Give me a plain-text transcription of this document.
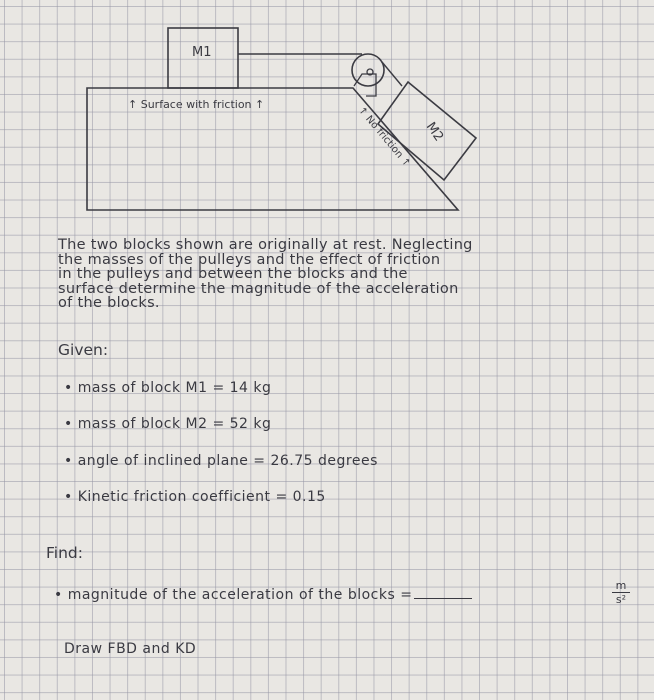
M1
M2
↑ Surface with friction ↑
↑ No friction ↑
The two blocks shown are originally at rest. Neglecting
the masses of the pulleys and the effect of friction
in the pulleys and between the blocks and the
surface determine the magnitude of the acceleration
of the blocks.
Given:
• mass of block M1 = 14 kg
• mass of block M2 = 52 kg
• angle of inclined plane = 26.75 degrees
• Kinetic friction coefficient = 0.15
Find:
• magnitude of the acceleration of the blocks =	$\frac{m}{\text{s²}}$
Draw FBD and KD
